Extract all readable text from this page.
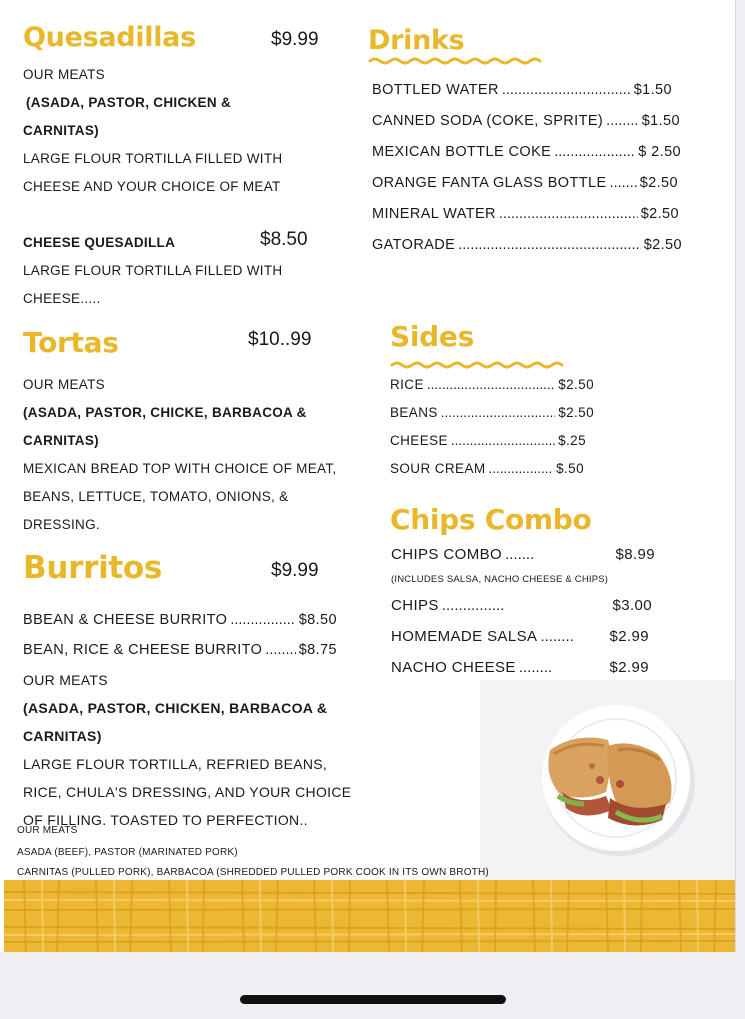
Quesadillas	$9.99
OUR MEATS
(ASADA, PASTOR, CHICKEN &
CARNITAS)
LARGE FLOUR TORTILLA FILLED WITH
CHEESE AND YOUR CHOICE OF MEAT
CHEESE QUESADILLA	$8.50
LARGE FLOUR TORTILLA FILLED WITH
CHEESE.....
Tortas	$10..99
OUR MEATS
(ASADA, PASTOR, CHICKE, BARBACOA &
CARNITAS)
MEXICAN BREAD TOP WITH CHOICE OF MEAT,
BEANS, LETTUCE, TOMATO, ONIONS, &
DRESSING.
Burritos	$9.99
BBEAN & CHEESE BURRITO .....	$8.50
BEAN, RICE & CHEESE BURRITO .....	$8.75
OUR MEATS
(ASADA, PASTOR, CHICKEN, BARBACOA &
CARNITAS)
LARGE FLOUR TORTILLA, REFRIED BEANS,
RICE, CHULA'S DRESSING, AND YOUR CHOICE
OF FILLING. TOASTED TO PERFECTION..
Drinks
BOTTLED WATER .....	$1.50
CANNED SODA (COKE, SPRITE) .....	$1.50
MEXICAN BOTTLE COKE .....	$ 2.50
ORANGE FANTA GLASS BOTTLE ..... $2.50
MINERAL WATER .....	$2.50
GATORADE .....	$2.50
Sides
RICE .....	$2.50
BEANS .....	$2.50
CHEESE .....	$.25
SOUR CREAM .....	$.50
Chips Combo
CHIPS COMBO .....	$8.99
(INCLUDES SALSA, NACHO CHEESE & CHIPS)
CHIPS .....	$3.00
HOMEMADE SALSA .....	$2.99
NACHO CHEESE .....	$2.99
OUR MEATS
ASADA (BEEF), PASTOR (MARINATED PORK)
CARNITAS (PULLED PORK), BARBACOA (SHREDDED PULLED PORK COOK IN ITS OWN BROTH)
